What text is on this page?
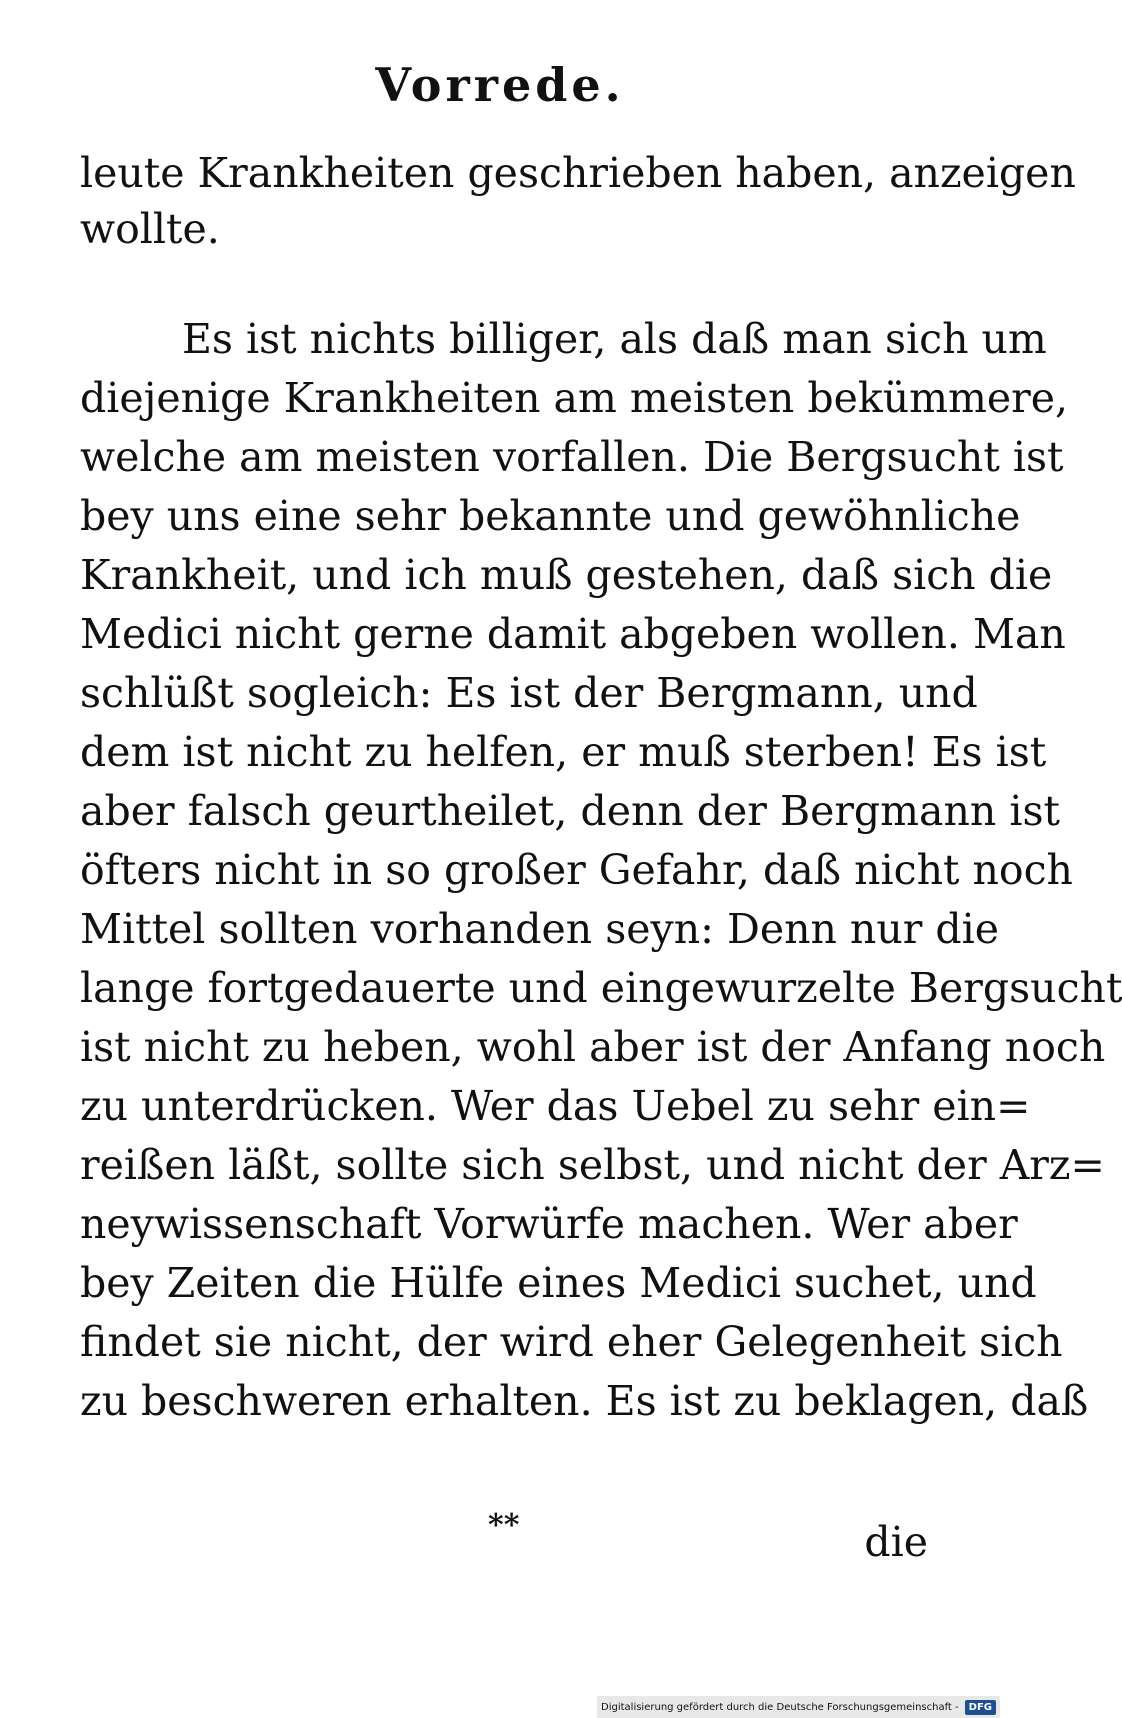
Vorrede.
leute Krankheiten geschrieben haben, anzeigen
wollte.
Es ist nichts billiger, als daß man sich um
diejenige Krankheiten am meisten bekümmere,
welche am meisten vorfallen. Die Bergsucht ist
bey uns eine sehr bekannte und gewöhnliche
Krankheit, und ich muß gestehen, daß sich die
Medici nicht gerne damit abgeben wollen. Man
schlüßt sogleich: Es ist der Bergmann, und
dem ist nicht zu helfen, er muß sterben! Es ist
aber falsch geurtheilet, denn der Bergmann ist
öfters nicht in so großer Gefahr, daß nicht noch
Mittel sollten vorhanden seyn: Denn nur die
lange fortgedauerte und eingewurzelte Bergsucht
ist nicht zu heben, wohl aber ist der Anfang noch
zu unterdrücken. Wer das Uebel zu sehr ein=
reißen läßt, sollte sich selbst, und nicht der Arz=
neywissenschaft Vorwürfe machen. Wer aber
bey Zeiten die Hülfe eines Medici suchet, und
findet sie nicht, der wird eher Gelegenheit sich
zu beschweren erhalten. Es ist zu beklagen, daß
**	die
Digitalisierung gefördert durch die Deutsche Forschungsgemeinschaft -	DFG
